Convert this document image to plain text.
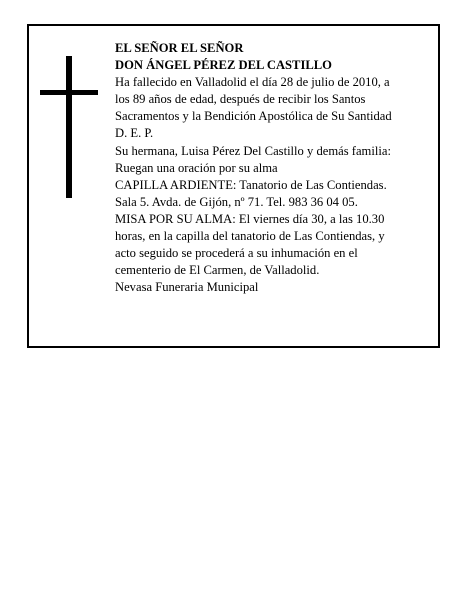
EL SEÑOR EL SEÑOR
DON ÁNGEL PÉREZ DEL CASTILLO
Ha fallecido en Valladolid el día 28 de julio de 2010, a
los 89 años de edad, después de recibir los Santos
Sacramentos y la Bendición Apostólica de Su Santidad
D. E. P.
Su hermana, Luisa Pérez Del Castillo y demás familia:
Ruegan una oración por su alma
CAPILLA ARDIENTE: Tanatorio de Las Contiendas.
Sala 5. Avda. de Gijón, nº 71. Tel. 983 36 04 05.
MISA POR SU ALMA: El viernes día 30, a las 10.30
horas, en la capilla del tanatorio de Las Contiendas, y
acto seguido se procederá a su inhumación en el
cementerio de El Carmen, de Valladolid.
Nevasa Funeraria Municipal
